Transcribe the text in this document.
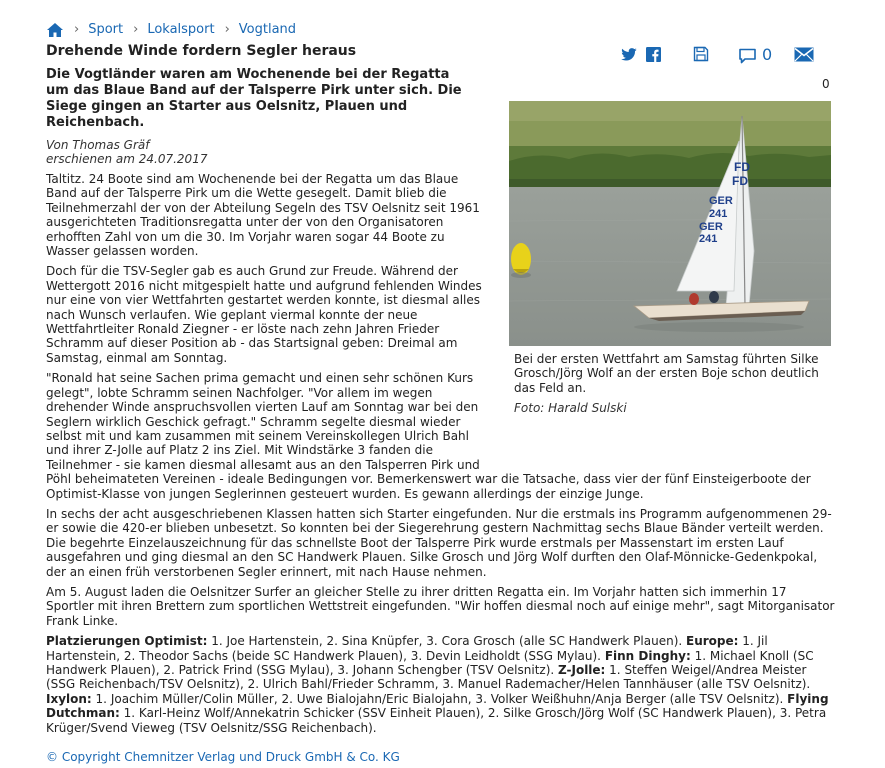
› Sport › Lokalsport › Vogtland
Drehende Winde fordern Segler heraus	0
0

Die Vogtländer waren am Wochenende bei der Regatta um das Blaue Band auf der Talsperre Pirk unter sich. Die Siege gingen an Starter aus Oelsnitz, Plauen und Reichenbach.

Von Thomas Gräf
erschienen am 24.07.2017
FD
FD
GER
241
GER
241
Bei der ersten Wettfahrt am Samstag führten Silke Grosch/Jörg Wolf an der ersten Boje schon deutlich das Feld an.
Foto: Harald Sulski

Taltitz. 24 Boote sind am Wochenende bei der Regatta um das Blaue Band auf der Talsperre Pirk um die Wette gesegelt. Damit blieb die Teilnehmerzahl der von der Abteilung Segeln des TSV Oelsnitz seit 1961 ausgerichteten Traditionsregatta unter der von den Organisatoren erhofften Zahl von um die 30. Im Vorjahr waren sogar 44 Boote zu Wasser gelassen worden.

Doch für die TSV-Segler gab es auch Grund zur Freude. Während der Wettergott 2016 nicht mitgespielt hatte und aufgrund fehlenden Windes nur eine von vier Wettfahrten gestartet werden konnte, ist diesmal alles nach Wunsch verlaufen. Wie geplant viermal konnte der neue Wettfahrtleiter Ronald Ziegner - er löste nach zehn Jahren Frieder Schramm auf dieser Position ab - das Startsignal geben: Dreimal am Samstag, einmal am Sonntag.

"Ronald hat seine Sachen prima gemacht und einen sehr schönen Kurs gelegt", lobte Schramm seinen Nachfolger. "Vor allem im wegen drehender Winde anspruchsvollen vierten Lauf am Sonntag war bei den Seglern wirklich Geschick gefragt." Schramm segelte diesmal wieder selbst mit und kam zusammen mit seinem Vereinskollegen Ulrich Bahl und ihrer Z-Jolle auf Platz 2 ins Ziel. Mit Windstärke 3 fanden die Teilnehmer - sie kamen diesmal allesamt aus an den Talsperren Pirk und Pöhl beheimateten Vereinen - ideale Bedingungen vor. Bemerkenswert war die Tatsache, dass vier der fünf Einsteigerboote der Optimist-Klasse von jungen Seglerinnen gesteuert wurden. Es gewann allerdings der einzige Junge.

In sechs der acht ausgeschriebenen Klassen hatten sich Starter eingefunden. Nur die erstmals ins Programm aufgenommenen 29-er sowie die 420-er blieben unbesetzt. So konnten bei der Siegerehrung gestern Nachmittag sechs Blaue Bänder verteilt werden. Die begehrte Einzelauszeichnung für das schnellste Boot der Talsperre Pirk wurde erstmals per Massenstart im ersten Lauf ausgefahren und ging diesmal an den SC Handwerk Plauen. Silke Grosch und Jörg Wolf durften den Olaf-Mönnicke-Gedenkpokal, der an einen früh verstorbenen Segler erinnert, mit nach Hause nehmen.

Am 5. August laden die Oelsnitzer Surfer an gleicher Stelle zu ihrer dritten Regatta ein. Im Vorjahr hatten sich immerhin 17 Sportler mit ihren Brettern zum sportlichen Wettstreit eingefunden. "Wir hoffen diesmal noch auf einige mehr", sagt Mitorganisator Frank Linke.

Platzierungen Optimist: 1. Joe Hartenstein, 2. Sina Knüpfer, 3. Cora Grosch (alle SC Handwerk Plauen). Europe: 1. Jil Hartenstein, 2. Theodor Sachs (beide SC Handwerk Plauen), 3. Devin Leidholdt (SSG Mylau). Finn Dinghy: 1. Michael Knoll (SC Handwerk Plauen), 2. Patrick Frind (SSG Mylau), 3. Johann Schengber (TSV Oelsnitz). Z-Jolle: 1. Steffen Weigel/Andrea Meister (SSG Reichenbach/TSV Oelsnitz), 2. Ulrich Bahl/Frieder Schramm, 3. Manuel Rademacher/Helen Tannhäuser (alle TSV Oelsnitz). Ixylon: 1. Joachim Müller/Colin Müller, 2. Uwe Bialojahn/Eric Bialojahn, 3. Volker Weißhuhn/Anja Berger (alle TSV Oelsnitz). Flying Dutchman: 1. Karl-Heinz Wolf/Annekatrin Schicker (SSV Einheit Plauen), 2. Silke Grosch/Jörg Wolf (SC Handwerk Plauen), 3. Petra Krüger/Svend Vieweg (TSV Oelsnitz/SSG Reichenbach).

© Copyright Chemnitzer Verlag und Druck GmbH & Co. KG
